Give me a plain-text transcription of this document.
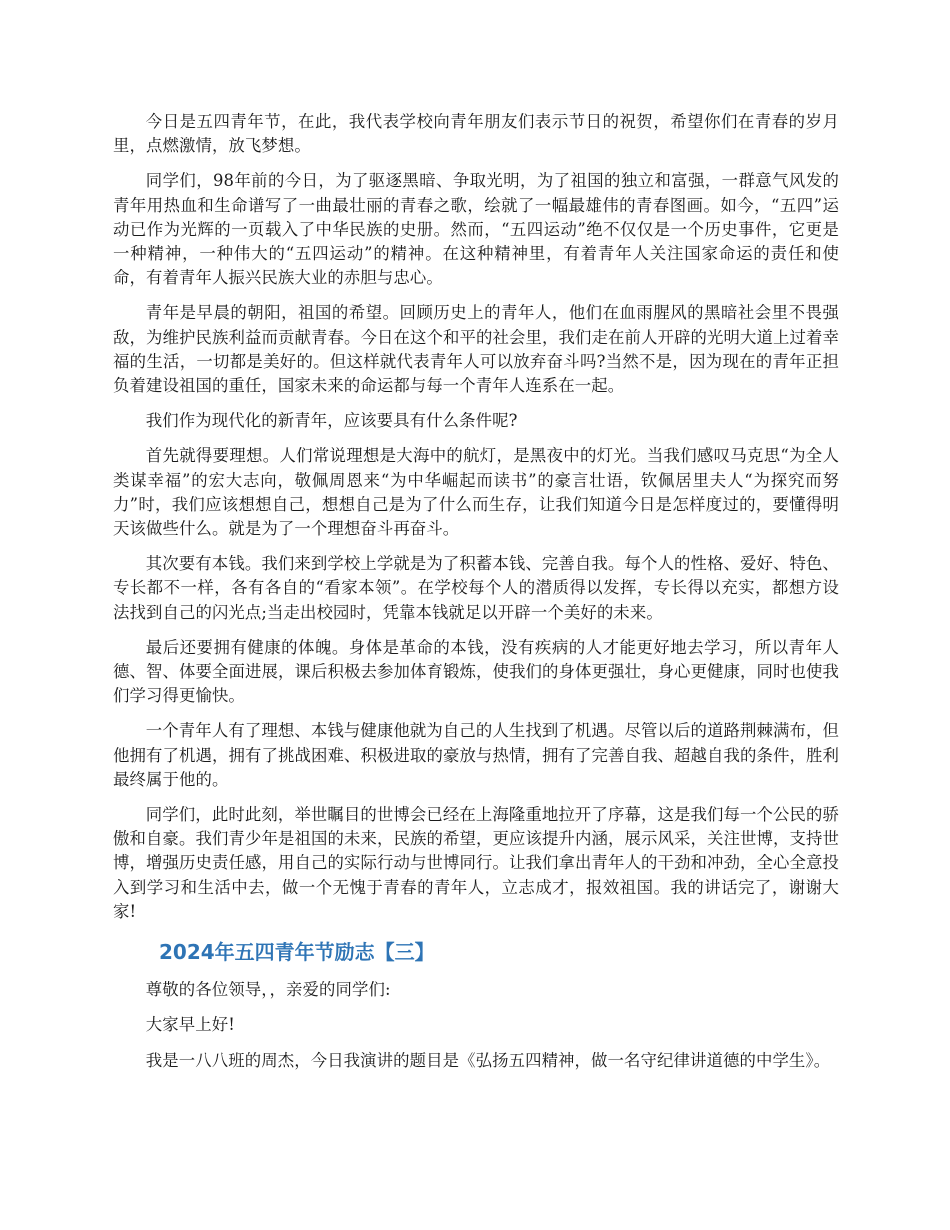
今日是五四青年节，在此，我代表学校向青年朋友们表示节日的祝贺，希望你们在青春的岁月里，点燃激情，放飞梦想。

同学们，98年前的今日，为了驱逐黑暗、争取光明，为了祖国的独立和富强，一群意气风发的青年用热血和生命谱写了一曲最壮丽的青春之歌，绘就了一幅最雄伟的青春图画。如今，“五四”运动已作为光辉的一页载入了中华民族的史册。然而，“五四运动”绝不仅仅是一个历史事件，它更是一种精神，一种伟大的“五四运动”的精神。在这种精神里，有着青年人关注国家命运的责任和使命，有着青年人振兴民族大业的赤胆与忠心。

青年是早晨的朝阳，祖国的希望。回顾历史上的青年人，他们在血雨腥风的黑暗社会里不畏强敌，为维护民族利益而贡献青春。今日在这个和平的社会里，我们走在前人开辟的光明大道上过着幸福的生活，一切都是美好的。但这样就代表青年人可以放弃奋斗吗?当然不是，因为现在的青年正担负着建设祖国的重任，国家未来的命运都与每一个青年人连系在一起。

我们作为现代化的新青年，应该要具有什么条件呢?

首先就得要理想。人们常说理想是大海中的航灯，是黑夜中的灯光。当我们感叹马克思“为全人类谋幸福”的宏大志向，敬佩周恩来“为中华崛起而读书”的豪言壮语，钦佩居里夫人“为探究而努力”时，我们应该想想自己，想想自己是为了什么而生存，让我们知道今日是怎样度过的，要懂得明天该做些什么。就是为了一个理想奋斗再奋斗。

其次要有本钱。我们来到学校上学就是为了积蓄本钱、完善自我。每个人的性格、爱好、特色、专长都不一样，各有各自的“看家本领”。在学校每个人的潜质得以发挥，专长得以充实，都想方设法找到自己的闪光点;当走出校园时，凭靠本钱就足以开辟一个美好的未来。

最后还要拥有健康的体魄。身体是革命的本钱，没有疾病的人才能更好地去学习，所以青年人德、智、体要全面进展，课后积极去参加体育锻炼，使我们的身体更强壮，身心更健康，同时也使我们学习得更愉快。

一个青年人有了理想、本钱与健康他就为自己的人生找到了机遇。尽管以后的道路荆棘满布，但他拥有了机遇，拥有了挑战困难、积极进取的豪放与热情，拥有了完善自我、超越自我的条件，胜利最终属于他的。

同学们，此时此刻，举世瞩目的世博会已经在上海隆重地拉开了序幕，这是我们每一个公民的骄傲和自豪。我们青少年是祖国的未来，民族的希望，更应该提升内涵，展示风采，关注世博，支持世博，增强历史责任感，用自己的实际行动与世博同行。让我们拿出青年人的干劲和冲劲，全心全意投入到学习和生活中去，做一个无愧于青春的青年人，立志成才，报效祖国。我的讲话完了，谢谢大家!

2024年五四青年节励志【三】

尊敬的各位领导，，亲爱的同学们:

大家早上好!

我是一八八班的周杰，今日我演讲的题目是《弘扬五四精神，做一名守纪律讲道德的中学生》。
